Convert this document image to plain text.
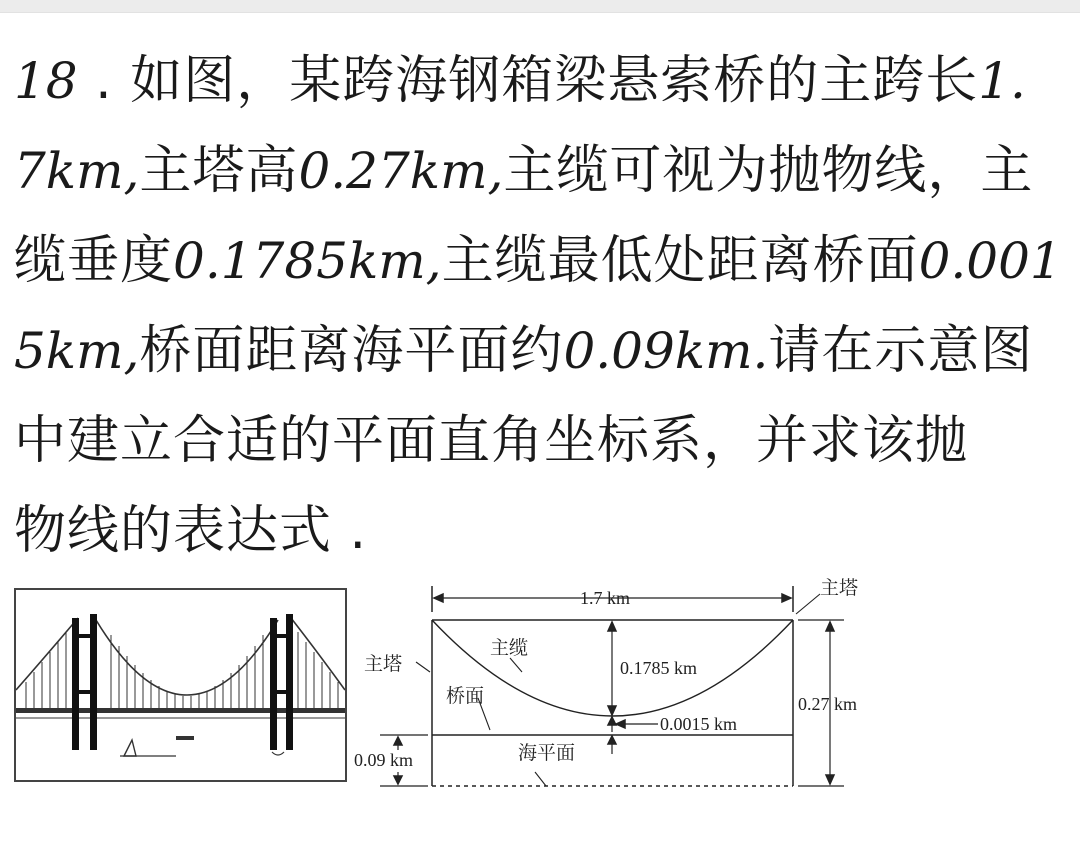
18 . 如图，某跨海钢箱梁悬索桥的主跨长1.
7km,主塔高0.27km,主缆可视为抛物线，主
缆垂度0.1785km,主缆最低处距离桥面0.001
5km,桥面距离海平面约0.09km.请在示意图
中建立合适的平面直角坐标系，并求该抛
物线的表达式 .
1.7 km	主塔
主塔
主缆
桥面
海平面
0.1785 km
0.0015 km
0.27 km
0.09 km
